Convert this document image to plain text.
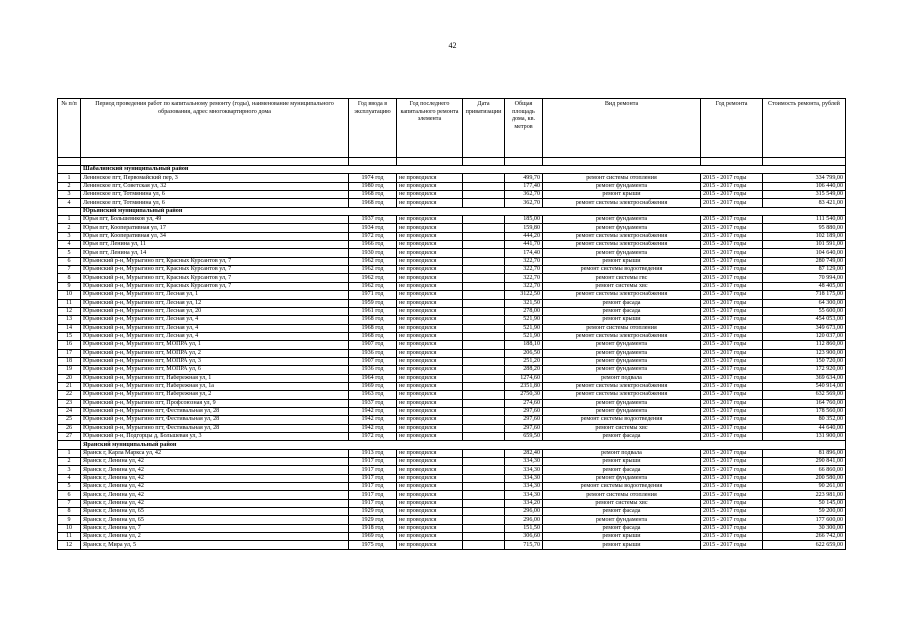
42
№ п/п	Период проведения работ по капитальному ремонту (годы), наименование муниципального образования, адрес многоквартирного дома	Год ввода в эксплуатацию	Год последнего капитального ремонта элемента	Дата приватизации	Общая площадь дома, кв. метров	Вид ремонта	Год ремонта	Стоимость ремонта, рублей

	Шабалинский муниципальный район							
1	Ленинское пгт, Первомайский пер, 3	1974 год	не проводился		499,70	ремонт системы отопления	2015 - 2017 годы	334 799,00
2	Ленинское пгт, Советская ул, 32	1980 год	не проводился		177,40	ремонт фундамента	2015 - 2017 годы	106 440,00
3	Ленинское пгт, Тотмянина ул, 6	1968 год	не проводился		362,70	ремонт крыши	2015 - 2017 годы	315 549,00
4	Ленинское пгт, Тотмянина ул, 6	1968 год	не проводился		362,70	ремонт системы электроснабжения	2015 - 2017 годы	83 421,00
	Юрьянский муниципальный район							
1	Юрья пгт, Большевиков ул, 49	1937 год	не проводился		185,00	ремонт фундамента	2015 - 2017 годы	111 540,00
2	Юрья пгт, Кооперативная ул, 17	1934 год	не проводился		159,80	ремонт фундамента	2015 - 2017 годы	95 880,00
3	Юрья пгт, Кооперативная ул, 34	1972 год	не проводился		444,20	ремонт системы электроснабжения	2015 - 2017 годы	102 189,00
4	Юрья пгт, Ленина ул, 11	1966 год	не проводился		441,70	ремонт системы электроснабжения	2015 - 2017 годы	101 591,00
5	Юрья пгт, Ленина ул, 14	1930 год	не проводился		174,40	ремонт фундамента	2015 - 2017 годы	104 640,00
6	Юрьянский р-н, Мурыгино пгт, Красных Курсантов ул, 7	1962 год	не проводился		322,70	ремонт крыши	2015 - 2017 годы	280 749,00
7	Юрьянский р-н, Мурыгино пгт, Красных Курсантов ул, 7	1962 год	не проводился		322,70	ремонт системы водоотведения	2015 - 2017 годы	87 129,00
8	Юрьянский р-н, Мурыгино пгт, Красных Курсантов ул, 7	1962 год	не проводился		322,70	ремонт системы гвс	2015 - 2017 годы	70 994,00
9	Юрьянский р-н, Мурыгино пгт, Красных Курсантов ул, 7	1962 год	не проводился		322,70	ремонт системы хвс	2015 - 2017 годы	48 405,00
10	Юрьянский р-н, Мурыгино пгт, Лесная ул, 1	1971 год	не проводился		3122,50	ремонт системы электроснабжения	2015 - 2017 годы	718 175,00
11	Юрьянский р-н, Мурыгино пгт, Лесная ул, 12	1959 год	не проводился		321,50	ремонт фасада	2015 - 2017 годы	64 300,00
12	Юрьянский р-н, Мурыгино пгт, Лесная ул, 20	1961 год	не проводился		278,00	ремонт фасада	2015 - 2017 годы	55 600,00
13	Юрьянский р-н, Мурыгино пгт, Лесная ул, 4	1968 год	не проводился		521,90	ремонт крыши	2015 - 2017 годы	454 053,00
14	Юрьянский р-н, Мурыгино пгт, Лесная ул, 4	1968 год	не проводился		521,90	ремонт системы отопления	2015 - 2017 годы	349 673,00
15	Юрьянский р-н, Мурыгино пгт, Лесная ул, 4	1968 год	не проводился		521,90	ремонт системы электроснабжения	2015 - 2017 годы	120 037,00
16	Юрьянский р-н, Мурыгино пгт, МОПРА ул, 1	1907 год	не проводился		188,10	ремонт фундамента	2015 - 2017 годы	112 860,00
17	Юрьянский р-н, Мурыгино пгт, МОПРА ул, 2	1936 год	не проводился		206,50	ремонт фундамента	2015 - 2017 годы	123 900,00
18	Юрьянский р-н, Мурыгино пгт, МОПРА ул, 3	1907 год	не проводился		251,20	ремонт фундамента	2015 - 2017 годы	150 720,00
19	Юрьянский р-н, Мурыгино пгт, МОПРА ул, 6	1936 год	не проводился		288,20	ремонт фундамента	2015 - 2017 годы	172 920,00
20	Юрьянский р-н, Мурыгино пгт, Набережная ул, 1	1964 год	не проводился		1274,60	ремонт подвала	2015 - 2017 годы	369 634,00
21	Юрьянский р-н, Мурыгино пгт, Набережная ул, 1а	1969 год	не проводился		2351,80	ремонт системы электроснабжения	2015 - 2017 годы	540 914,00
22	Юрьянский р-н, Мурыгино пгт, Набережная ул, 2	1963 год	не проводился		2750,30	ремонт системы электроснабжения	2015 - 2017 годы	632 569,00
23	Юрьянский р-н, Мурыгино пгт, Профсоюзная ул, 9	1937 год	не проводился		274,60	ремонт фундамента	2015 - 2017 годы	164 760,00
24	Юрьянский р-н, Мурыгино пгт, Фестивальная ул, 28	1942 год	не проводился		297,60	ремонт фундамента	2015 - 2017 годы	178 560,00
25	Юрьянский р-н, Мурыгино пгт, Фестивальная ул, 28	1942 год	не проводился		297,60	ремонт системы водоотведения	2015 - 2017 годы	80 352,00
26	Юрьянский р-н, Мурыгино пгт, Фестивальная ул, 28	1942 год	не проводился		297,60	ремонт системы хвс	2015 - 2017 годы	44 640,00
27	Юрьянский р-н, Подгорцы д, Большевая ул, 3	1972 год	не проводился		659,50	ремонт фасада	2015 - 2017 годы	131 900,00
	Яранский муниципальный район							
1	Яранск г, Карла Маркса ул, 42	1913 год	не проводился		282,40	ремонт подвала	2015 - 2017 годы	81 896,00
2	Яранск г, Ленина ул, 42	1917 год	не проводился		334,30	ремонт крыши	2015 - 2017 годы	290 841,00
3	Яранск г, Ленина ул, 42	1917 год	не проводился		334,30	ремонт фасада	2015 - 2017 годы	66 860,00
4	Яранск г, Ленина ул, 42	1917 год	не проводился		334,30	ремонт фундамента	2015 - 2017 годы	200 580,00
5	Яранск г, Ленина ул, 42	1917 год	не проводился		334,30	ремонт системы водоотведения	2015 - 2017 годы	90 261,00
6	Яранск г, Ленина ул, 42	1917 год	не проводился		334,30	ремонт системы отопления	2015 - 2017 годы	223 981,00
7	Яранск г, Ленина ул, 42	1917 год	не проводился		334,20	ремонт системы хвс	2015 - 2017 годы	50 145,00
8	Яранск г, Ленина ул, 65	1929 год	не проводился		296,00	ремонт фасада	2015 - 2017 годы	59 200,00
9	Яранск г, Ленина ул, 65	1929 год	не проводился		296,00	ремонт фундамента	2015 - 2017 годы	177 600,00
10	Яранск г, Ленина ул, 7	1918 год	не проводился		151,50	ремонт фасада	2015 - 2017 годы	30 300,00
11	Яранск г, Ленина ул, 2	1969 год	не проводился		306,60	ремонт крыши	2015 - 2017 годы	266 742,00
12	Яранск г, Мира ул, 5	1975 год	не проводился		715,70	ремонт крыши	2015 - 2017 годы	622 659,00
